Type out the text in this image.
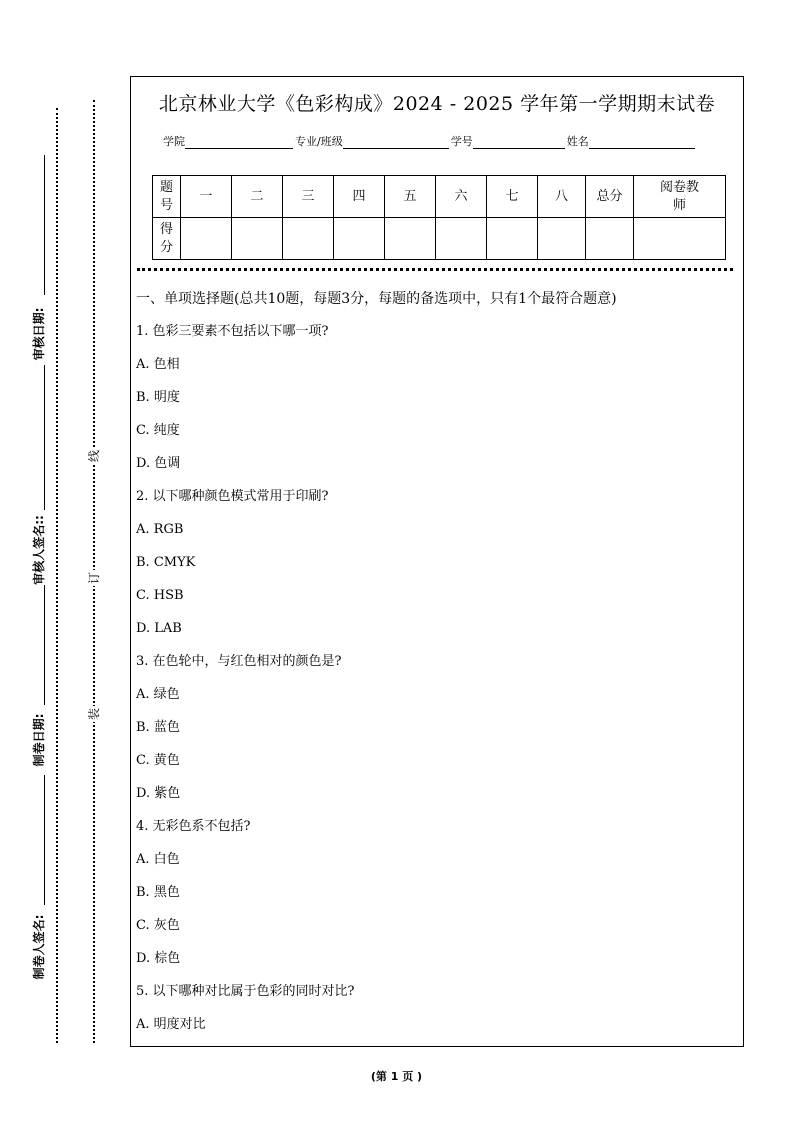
审核日期:
审核人签名::
制卷日期:
制卷人签名:
线
订
装
北京林业大学《色彩构成》2024 - 2025 学年第一学期期末试卷
学院	专业/班级	学号	姓名
题号	一	二	三	四	五	六	七	八	总分	阅卷教师
得分										
一、单项选择题(总共10题，每题3分，每题的备选项中，只有1个最符合题意)
1. 色彩三要素不包括以下哪一项?
A. 色相
B. 明度
C. 纯度
D. 色调
2. 以下哪种颜色模式常用于印刷?
A. RGB
B. CMYK
C. HSB
D. LAB
3. 在色轮中，与红色相对的颜色是?
A. 绿色
B. 蓝色
C. 黄色
D. 紫色
4. 无彩色系不包括?
A. 白色
B. 黑色
C. 灰色
D. 棕色
5. 以下哪种对比属于色彩的同时对比?
A. 明度对比
(第 1 页 )
